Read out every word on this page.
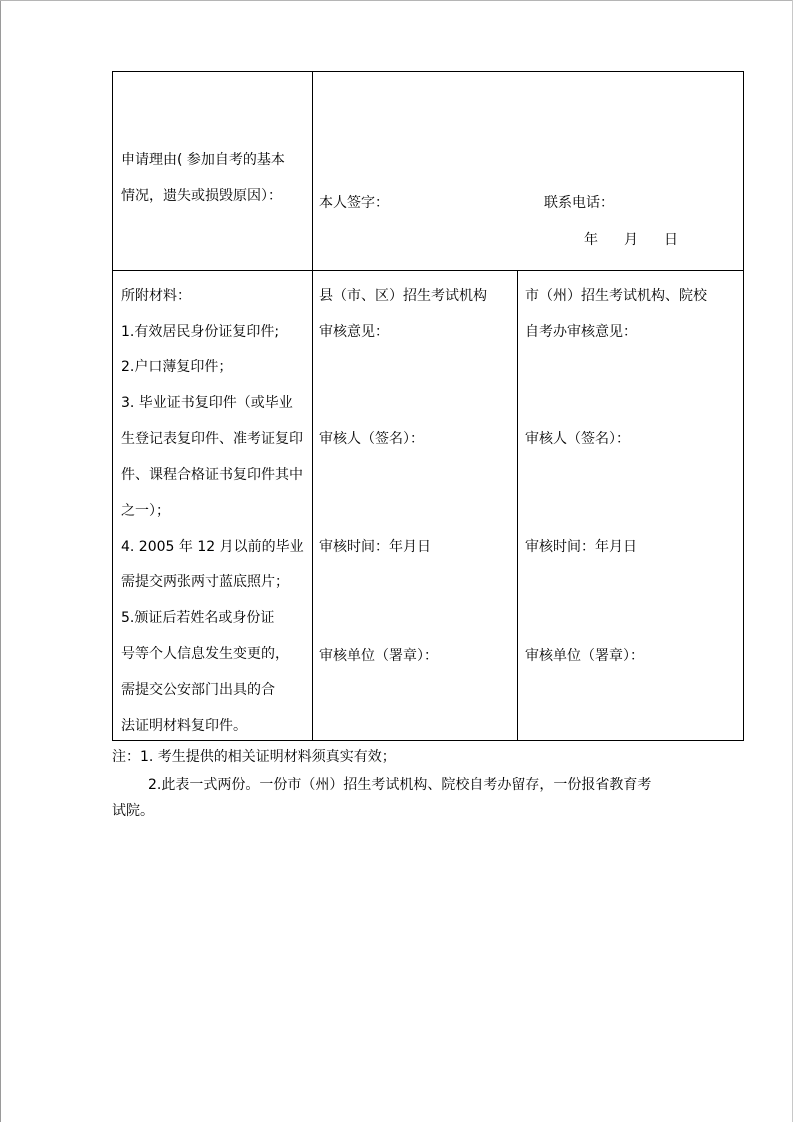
申请理由( 参加自考的基本
情况，遗失或损毁原因）：	本人签字：	联系电话：
年 月 日
所附材料：
1.有效居民身份证复印件;
2.户口薄复印件；
3. 毕业证书复印件（或毕业
生登记表复印件、准考证复印
件、课程合格证书复印件其中
之一）；
4. 2005 年 12 月以前的毕业
需提交两张两寸蓝底照片；
5.颁证后若姓名或身份证
号等个人信息发生变更的，
需提交公安部门出具的合
法证明材料复印件。
县（市、区）招生考试机构
审核意见：
审核人（签名）：
审核时间：年月日
审核单位（署章）：
市（州）招生考试机构、院校
自考办审核意见：
审核人（签名）：
审核时间：年月日
审核单位（署章）：
注：1. 考生提供的相关证明材料须真实有效；
2.此表一式两份。一份市（州）招生考试机构、院校自考办留存，一份报省教育考
试院。
